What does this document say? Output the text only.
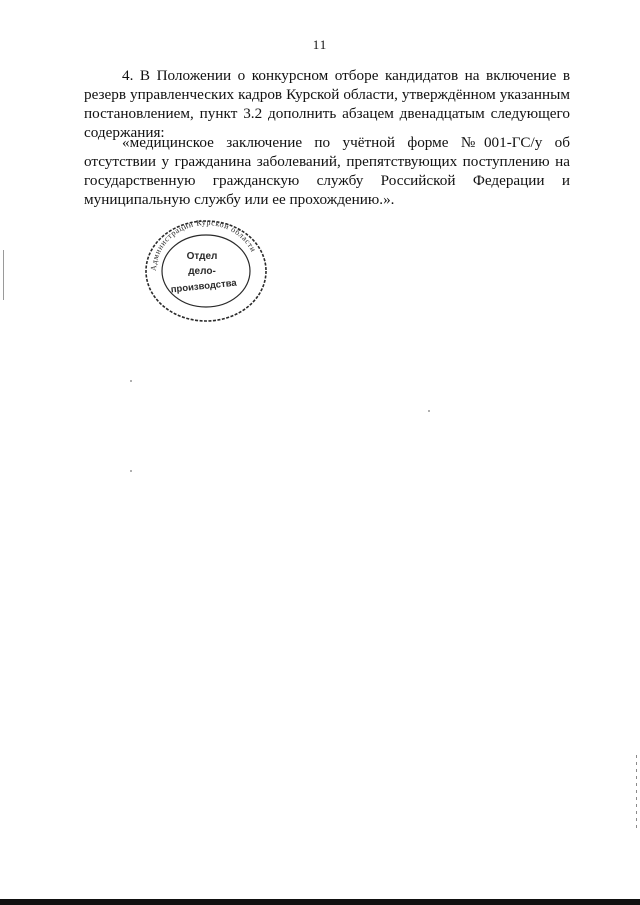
11

4. В Положении о конкурсном отборе кандидатов на включение в резерв управленческих кадров Курской области, утверждённом указанным постановлением, пункт 3.2 дополнить абзацем двенадцатым следующего содержания:

«медицинское заключение по учётной форме №001-ГС/у об отсутствии у гражданина заболеваний, препятствующих поступлению на государственную гражданскую службу Российской Федерации и муниципальную службу или ее прохождению.».

Администрации Курской области
Отдел
дело-
производства
